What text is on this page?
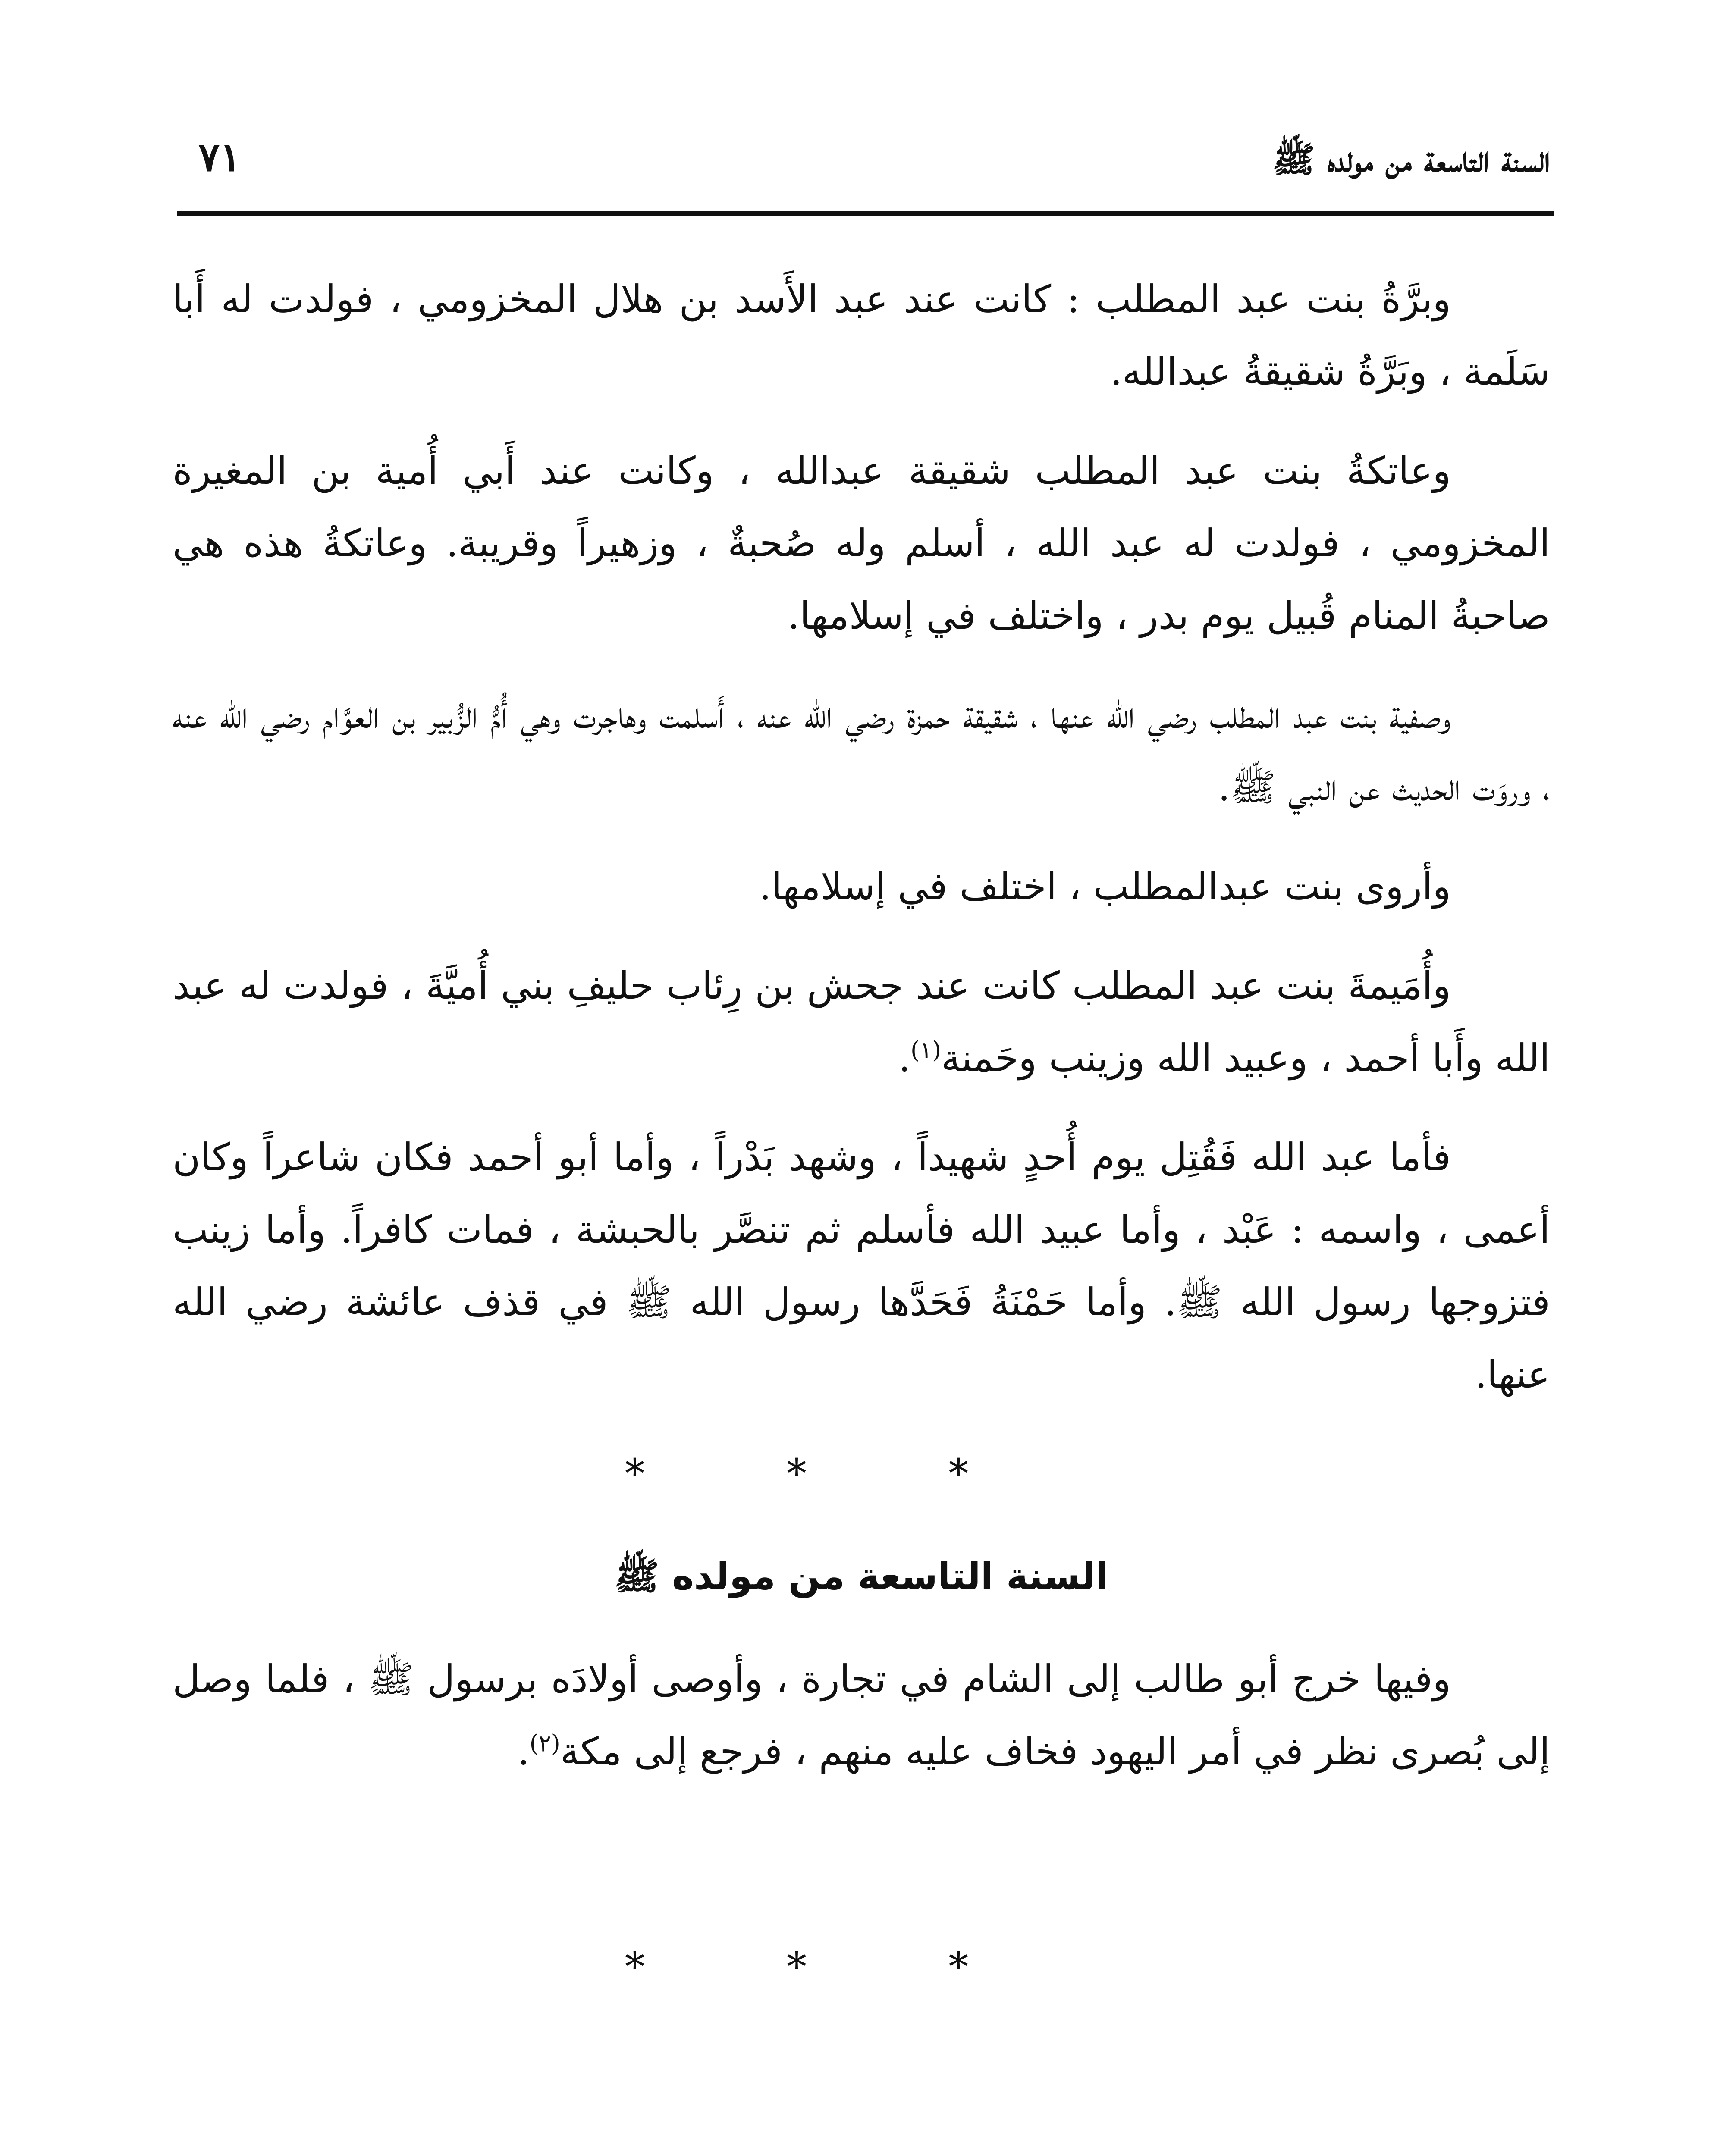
السنة التاسعة من مولده ﷺ
٧١

وبرَّةُ بنت عبد المطلب : كانت عند عبد الأَسد بن هلال المخزومي ، فولدت له أَبا سَلَمة ، وبَرَّةُ شقيقةُ عبدالله.

وعاتكةُ بنت عبد المطلب شقيقة عبدالله ، وكانت عند أَبي أُمية بن المغيرة المخزومي ، فولدت له عبد الله ، أسلم وله صُحبةٌ ، وزهيراً وقريبة. وعاتكةُ هذه هي صاحبةُ المنام قُبيل يوم بدر ، واختلف في إسلامها.

وصفية بنت عبد المطلب رضي الله عنها ، شقيقة حمزة رضي الله عنه ، أَسلمت وهاجرت وهي أُمُّ الزُّبير بن العوَّام رضي الله عنه ، وروَت الحديث عن النبي ﷺ.

وأروى بنت عبدالمطلب ، اختلف في إسلامها.

وأُمَيمةَ بنت عبد المطلب كانت عند جحش بن رِئاب حليفِ بني أُميَّةَ ، فولدت له عبد الله وأَبا أحمد ، وعبيد الله وزينب وحَمنة$^{(١)}$.

فأما عبد الله فَقُتِل يوم أُحدٍ شهيداً ، وشهد بَدْراً ، وأما أبو أحمد فكان شاعراً وكان أعمى ، واسمه : عَبْد ، وأما عبيد الله فأسلم ثم تنصَّر بالحبشة ، فمات كافراً. وأما زينب فتزوجها رسول الله ﷺ. وأما حَمْنَةُ فَحَدَّها رسول الله ﷺ في قذف عائشة رضي الله عنها.

* * *
السنة التاسعة من مولده ﷺ

وفيها خرج أبو طالب إلى الشام في تجارة ، وأوصى أولادَه برسول ﷺ ، فلما وصل إلى بُصرى نظر في أمر اليهود فخاف عليه منهم ، فرجع إلى مكة$^{(٢)}$.

* * *
